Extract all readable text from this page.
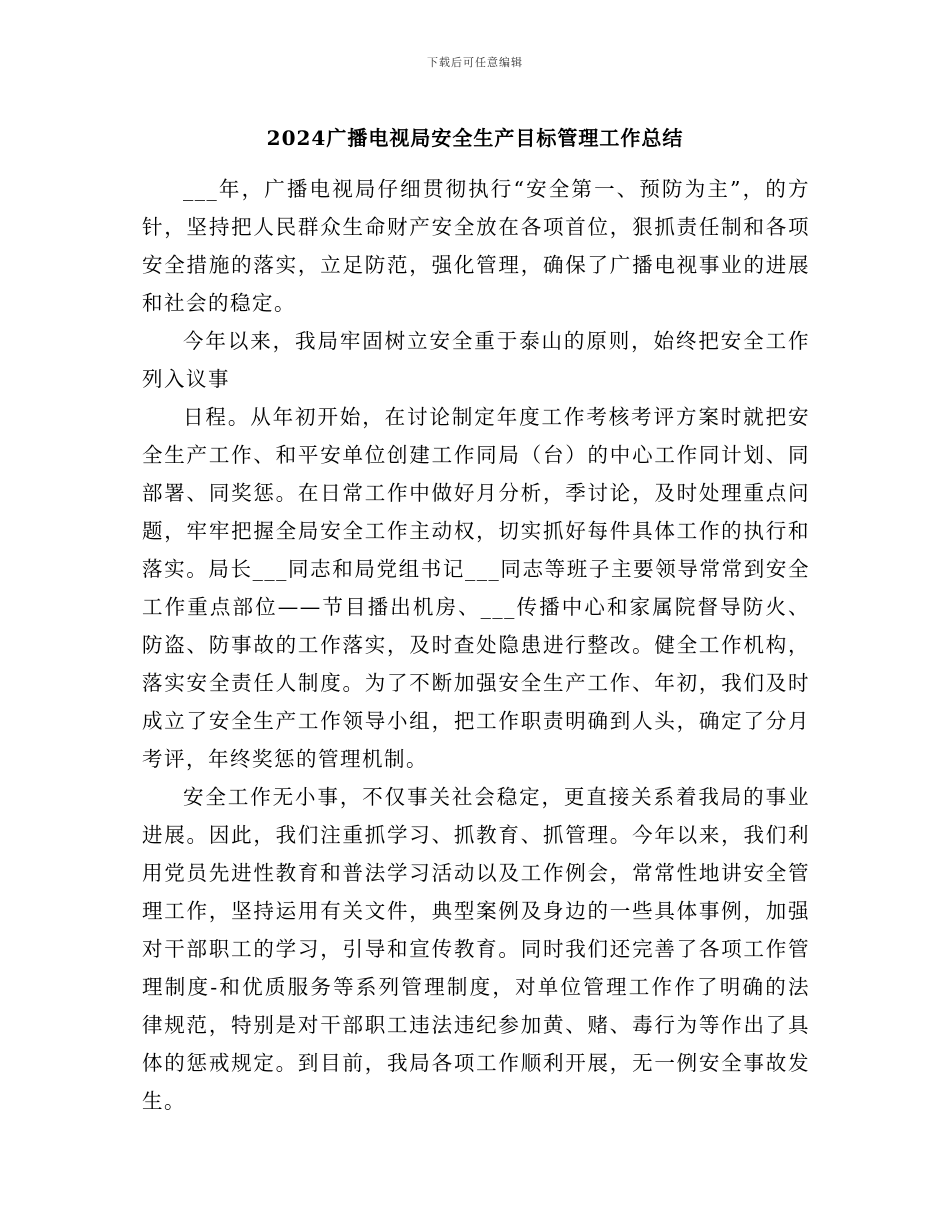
下载后可任意编辑
2024广播电视局安全生产目标管理工作总结

___年，广播电视局仔细贯彻执行“安全第一、预防为主”，的方针，坚持把人民群众生命财产安全放在各项首位，狠抓责任制和各项安全措施的落实，立足防范，强化管理，确保了广播电视事业的进展和社会的稳定。

今年以来，我局牢固树立安全重于泰山的原则，始终把安全工作列入议事

日程。从年初开始，在讨论制定年度工作考核考评方案时就把安全生产工作、和平安单位创建工作同局（台）的中心工作同计划、同部署、同奖惩。在日常工作中做好月分析，季讨论，及时处理重点问题，牢牢把握全局安全工作主动权，切实抓好每件具体工作的执行和落实。局长___同志和局党组书记___同志等班子主要领导常常到安全工作重点部位——节目播出机房、___传播中心和家属院督导防火、防盗、防事故的工作落实，及时查处隐患进行整改。健全工作机构，落实安全责任人制度。为了不断加强安全生产工作、年初，我们及时成立了安全生产工作领导小组，把工作职责明确到人头，确定了分月考评，年终奖惩的管理机制。

安全工作无小事，不仅事关社会稳定，更直接关系着我局的事业进展。因此，我们注重抓学习、抓教育、抓管理。今年以来，我们利用党员先进性教育和普法学习活动以及工作例会，常常性地讲安全管理工作，坚持运用有关文件，典型案例及身边的一些具体事例，加强对干部职工的学习，引导和宣传教育。同时我们还完善了各项工作管理制度-和优质服务等系列管理制度，对单位管理工作作了明确的法律规范，特别是对干部职工违法违纪参加黄、赌、毒行为等作出了具体的惩戒规定。到目前，我局各项工作顺利开展，无一例安全事故发生。
